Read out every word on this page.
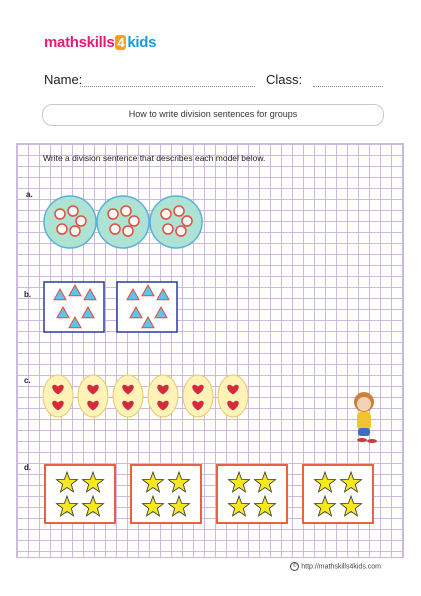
mathskills 4 kids
Name:	Class:
How to write division sentences for groups
Write a division sentence that describes each model below.
a.
b.
c.
d.
© http://mathskills4kids.com
